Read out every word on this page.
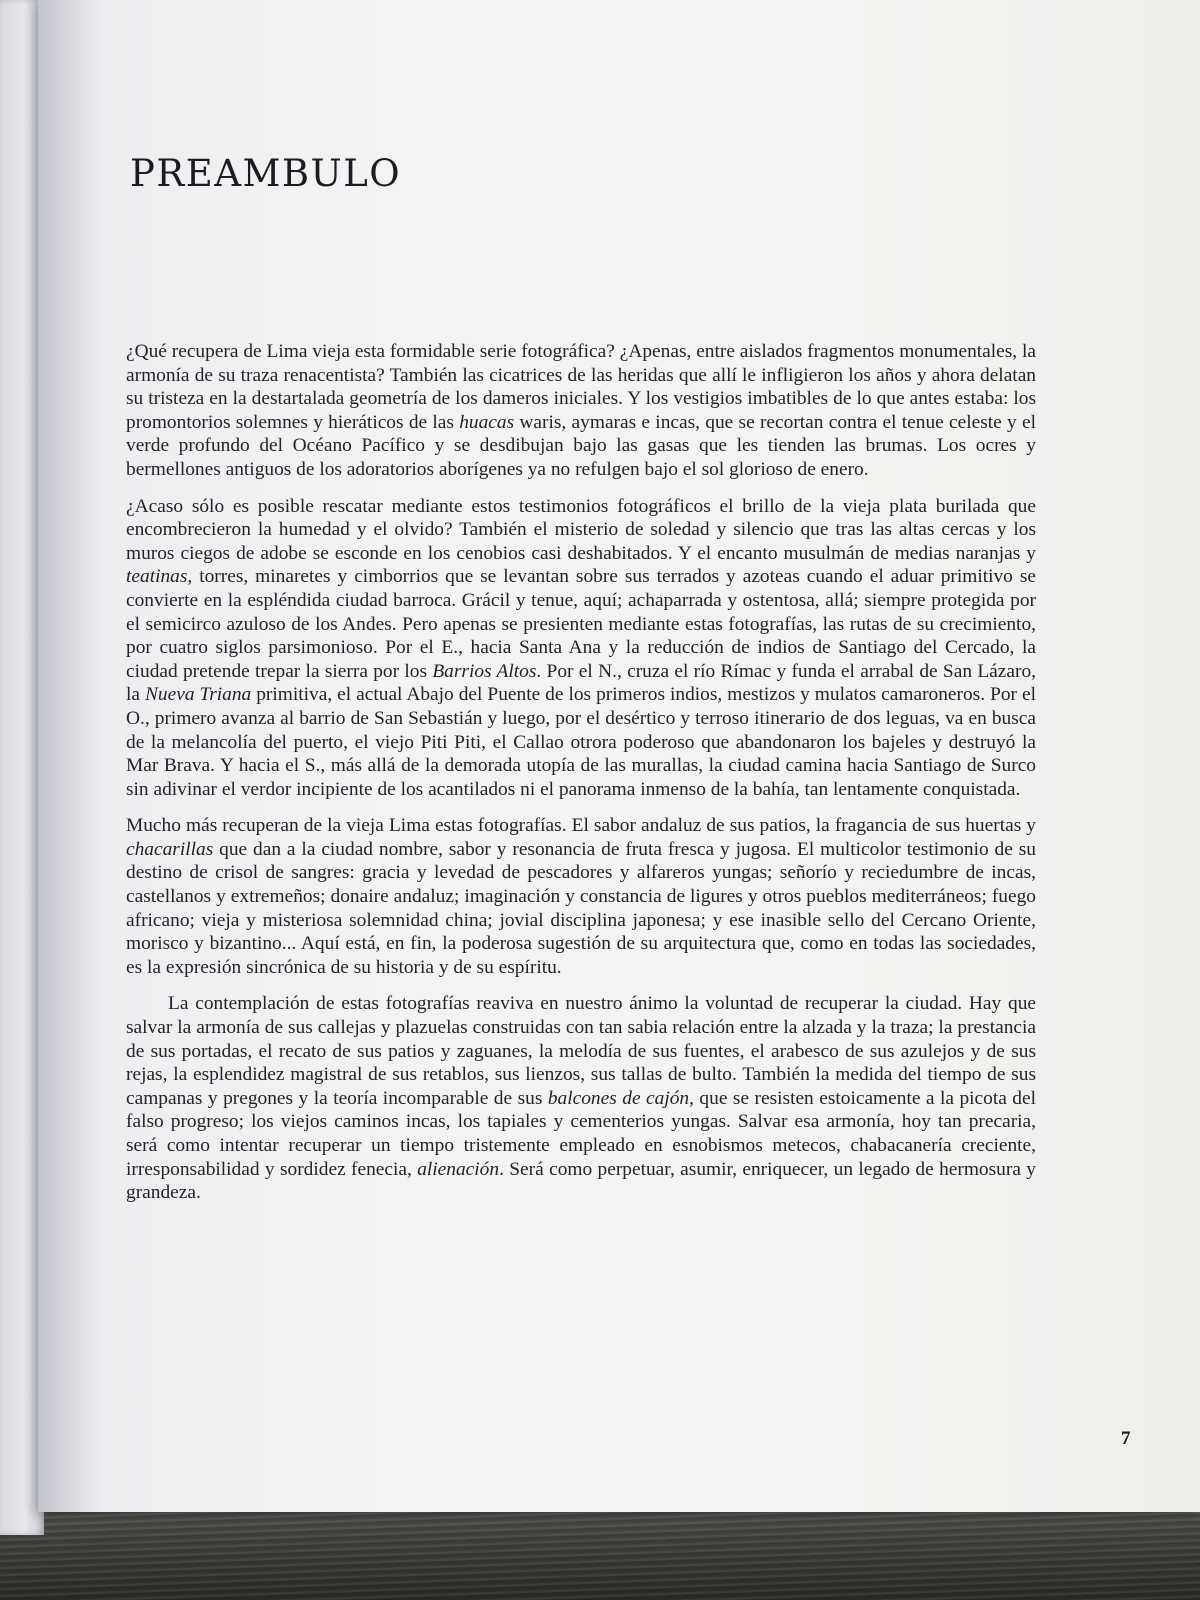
PREAMBULO

¿Qué recupera de Lima vieja esta formidable serie fotográfica? ¿Apenas, entre aislados fragmentos monumentales, la armonía de su traza renacentista? También las cicatrices de las heridas que allí le infligieron los años y ahora delatan su tristeza en la destartalada geometría de los dameros iniciales. Y los vestigios imbatibles de lo que antes estaba: los promontorios solemnes y hieráticos de las huacas waris, aymaras e incas, que se recortan contra el tenue celeste y el verde profundo del Océano Pacífico y se desdibujan bajo las gasas que les tienden las brumas. Los ocres y bermellones antiguos de los adoratorios aborígenes ya no refulgen bajo el sol glorioso de enero.

¿Acaso sólo es posible rescatar mediante estos testimonios fotográficos el brillo de la vieja plata burilada que encombrecieron la humedad y el olvido? También el misterio de soledad y silencio que tras las altas cercas y los muros ciegos de adobe se esconde en los cenobios casi deshabitados. Y el encanto musulmán de medias naranjas y teatinas, torres, minaretes y cimborrios que se levantan sobre sus terrados y azoteas cuando el aduar primitivo se convierte en la espléndida ciudad barroca. Grácil y tenue, aquí; achaparrada y ostentosa, allá; siempre protegida por el semicirco azuloso de los Andes. Pero apenas se presienten mediante estas fotografías, las rutas de su crecimiento, por cuatro siglos parsimonioso. Por el E., hacia Santa Ana y la reducción de indios de Santiago del Cercado, la ciudad pretende trepar la sierra por los Barrios Altos. Por el N., cruza el río Rímac y funda el arrabal de San Lázaro, la Nueva Triana primitiva, el actual Abajo del Puente de los primeros indios, mestizos y mulatos camaroneros. Por el O., primero avanza al barrio de San Sebastián y luego, por el desértico y terroso itinerario de dos leguas, va en busca de la melancolía del puerto, el viejo Piti Piti, el Callao otrora poderoso que abandonaron los bajeles y destruyó la Mar Brava. Y hacia el S., más allá de la demorada utopía de las murallas, la ciudad camina hacia Santiago de Surco sin adivinar el verdor incipiente de los acantilados ni el panorama inmenso de la bahía, tan lentamente conquistada.

Mucho más recuperan de la vieja Lima estas fotografías. El sabor andaluz de sus patios, la fragancia de sus huertas y chacarillas que dan a la ciudad nombre, sabor y resonancia de fruta fresca y jugosa. El multicolor testimonio de su destino de crisol de sangres: gracia y levedad de pescadores y alfareros yungas; señorío y reciedumbre de incas, castellanos y extremeños; donaire andaluz; imaginación y constancia de ligures y otros pueblos mediterráneos; fuego africano; vieja y misteriosa solemnidad china; jovial disciplina japonesa; y ese inasible sello del Cercano Oriente, morisco y bizantino... Aquí está, en fin, la poderosa sugestión de su arquitectura que, como en todas las sociedades, es la expresión sincrónica de su historia y de su espíritu.

La contemplación de estas fotografías reaviva en nuestro ánimo la voluntad de recuperar la ciudad. Hay que salvar la armonía de sus callejas y plazuelas construidas con tan sabia relación entre la alzada y la traza; la prestancia de sus portadas, el recato de sus patios y zaguanes, la melodía de sus fuentes, el arabesco de sus azulejos y de sus rejas, la esplendidez magistral de sus retablos, sus lienzos, sus tallas de bulto. También la medida del tiempo de sus campanas y pregones y la teoría incomparable de sus balcones de cajón, que se resisten estoicamente a la picota del falso progreso; los viejos caminos incas, los tapiales y cementerios yungas. Salvar esa armonía, hoy tan precaria, será como intentar recuperar un tiempo tristemente empleado en esnobismos metecos, chabacanería creciente, irresponsabilidad y sordidez fenecia, alienación. Será como perpetuar, asumir, enriquecer, un legado de hermosura y grandeza.

7
